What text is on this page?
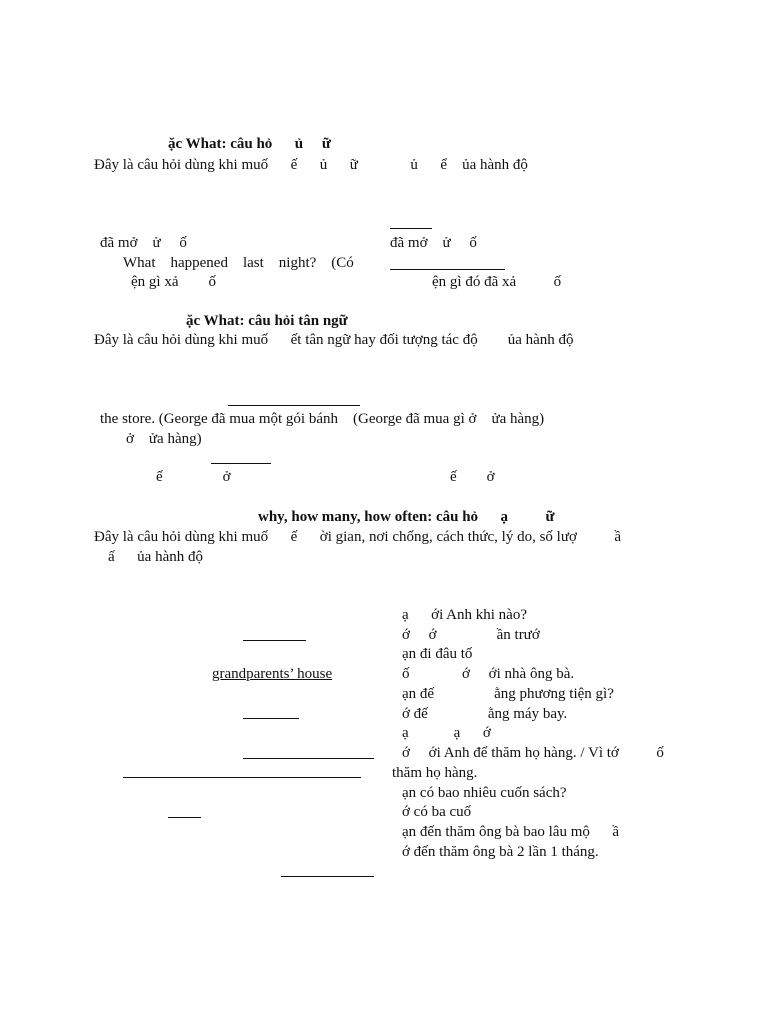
ặc What: câu hỏ      ủ     ữ
Đây là câu hỏi dùng khi muố      ế      ủ      ữ              ủ      ể    ủa hành độ
đã mở    ử     ố	đã mở    ử     ố
What    happened    last    night?    (Có
ện gì xả        ố	ện gì đó đã xả          ố
ặc What: câu hỏi tân ngữ
Đây là câu hỏi dùng khi muố      ết tân ngữ hay đối tượng tác độ        ủa hành độ
the store. (George đã mua một gói bánh    (George đã mua gì ở    ửa hàng)
ở    ửa hàng)
ế                ở	ế        ở
why, how many, how often: câu hỏ      ạ          ữ
Đây là câu hỏi dùng khi muố      ế      ời gian, nơi chống, cách thức, lý do, số lượ          ầ
ấ      ủa hành độ
grandparents’ house
ạ      ới Anh khi nào?
ớ     ớ                ần trướ
ạn đi đâu tố
ố              ớ     ới nhà ông bà.
ạn đế                ằng phương tiện gì?
ớ đế                ằng máy bay.
ạ            ạ      ớ
ớ     ới Anh để thăm họ hàng. / Vì tớ          ố
thăm họ hàng.
ạn có bao nhiêu cuốn sách?
ớ có ba cuố
ạn đến thăm ông bà bao lâu mộ      ầ
ớ đến thăm ông bà 2 lần 1 tháng.
